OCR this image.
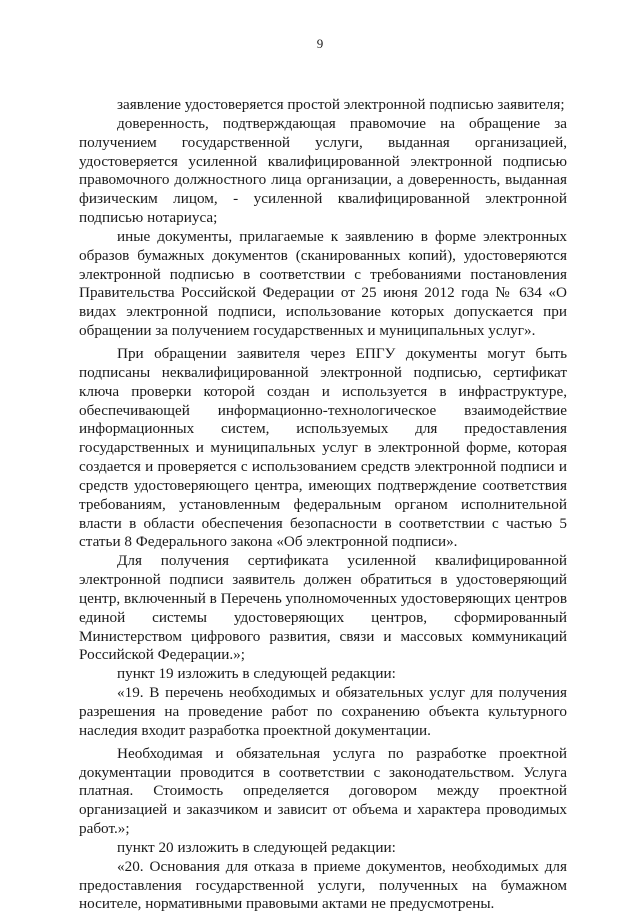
9

заявление удостоверяется простой электронной подписью заявителя;

доверенность, подтверждающая правомочие на обращение за получением государственной услуги, выданная организацией, удостоверяется усиленной квалифицированной электронной подписью правомочного должностного лица организации, а доверенность, выданная физическим лицом, - усиленной квалифицированной электронной подписью нотариуса;

иные документы, прилагаемые к заявлению в форме электронных образов бумажных документов (сканированных копий), удостоверяются электронной подписью в соответствии с требованиями постановления Правительства Российской Федерации от 25 июня 2012 года № 634 «О видах электронной подписи, использование которых допускается при обращении за получением государственных и муниципальных услуг».

При обращении заявителя через ЕПГУ документы могут быть подписаны неквалифицированной электронной подписью, сертификат ключа проверки которой создан и используется в инфраструктуре, обеспечивающей информационно-технологическое взаимодействие информационных систем, используемых для предоставления государственных и муниципальных услуг в электронной форме, которая создается и проверяется с использованием средств электронной подписи и средств удостоверяющего центра, имеющих подтверждение соответствия требованиям, установленным федеральным органом исполнительной власти в области обеспечения безопасности в соответствии с частью 5 статьи 8 Федерального закона «Об электронной подписи».

Для получения сертификата усиленной квалифицированной электронной подписи заявитель должен обратиться в удостоверяющий центр, включенный в Перечень уполномоченных удостоверяющих центров единой системы удостоверяющих центров, сформированный Министерством цифрового развития, связи и массовых коммуникаций Российской Федерации.»;

пункт 19 изложить в следующей редакции:

«19. В перечень необходимых и обязательных услуг для получения разрешения на проведение работ по сохранению объекта культурного наследия входит разработка проектной документации.

Необходимая и обязательная услуга по разработке проектной документации проводится в соответствии с законодательством. Услуга платная. Стоимость определяется договором между проектной организацией и заказчиком и зависит от объема и характера проводимых работ.»;

пункт 20 изложить в следующей редакции:

«20. Основания для отказа в приеме документов, необходимых для предоставления государственной услуги, полученных на бумажном носителе, нормативными правовыми актами не предусмотрены.
